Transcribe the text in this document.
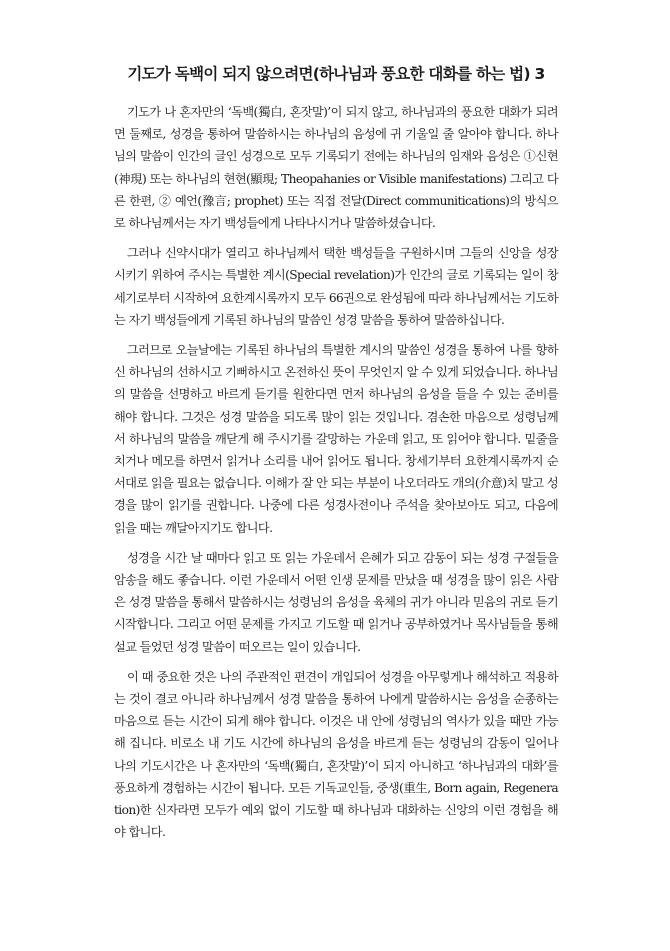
기도가 독백이 되지 않으려면(하나님과 풍요한 대화를 하는 법) 3

기도가 나 혼자만의 ‘독백(獨白, 혼잣말)’이 되지 않고, 하나님과의 풍요한 대화가 되려면 둘째로, 성경을 통하여 말씀하시는 하나님의 음성에 귀 기울일 줄 알아야 합니다. 하나님의 말씀이 인간의 글인 성경으로 모두 기록되기 전에는 하나님의 임재와 음성은 ①신현(神現) 또는 하나님의 현현(顯現; Theopahanies or Visible manifestations) 그리고 다른 한편, ② 예언(豫言; prophet) 또는 직접 전달(Direct communitications)의 방식으로 하나님께서는 자기 백성들에게 나타나시거나 말씀하셨습니다.

그러나 신약시대가 열리고 하나님께서 택한 백성들을 구원하시며 그들의 신앙을 성장시키기 위하여 주시는 특별한 계시(Special revelation)가 인간의 글로 기록되는 일이 창세기로부터 시작하여 요한계시록까지 모두 66권으로 완성됨에 따라 하나님께서는 기도하는 자기 백성들에게 기록된 하나님의 말씀인 성경 말씀을 통하여 말씀하십니다.

그러므로 오늘날에는 기록된 하나님의 특별한 계시의 말씀인 성경을 통하여 나를 향하신 하나님의 선하시고 기뻐하시고 온전하신 뜻이 무엇인지 알 수 있게 되었습니다. 하나님의 말씀을 선명하고 바르게 듣기를 원한다면 먼저 하나님의 음성을 들을 수 있는 준비를 해야 합니다. 그것은 성경 말씀을 되도록 많이 읽는 것입니다. 겸손한 마음으로 성령님께서 하나님의 말씀을 깨닫게 해 주시기를 갈망하는 가운데 읽고, 또 읽어야 합니다. 밑줄을 치거나 메모를 하면서 읽거나 소리를 내어 읽어도 됩니다. 창세기부터 요한계시록까지 순서대로 읽을 필요는 없습니다. 이해가 잘 안 되는 부분이 나오더라도 개의(介意)치 말고 성경을 많이 읽기를 권합니다. 나중에 다른 성경사전이나 주석을 찾아보아도 되고, 다음에 읽을 때는 깨달아지기도 합니다.

성경을 시간 날 때마다 읽고 또 읽는 가운데서 은혜가 되고 감동이 되는 성경 구절들을 암송을 해도 좋습니다. 이런 가운데서 어떤 인생 문제를 만났을 때 성경을 많이 읽은 사람은 성경 말씀을 통해서 말씀하시는 성령님의 음성을 육체의 귀가 아니라 믿음의 귀로 듣기 시작합니다. 그리고 어떤 문제를 가지고 기도할 때 읽거나 공부하였거나 목사님들을 통해 설교 들었던 성경 말씀이 떠오르는 일이 있습니다.

이 때 중요한 것은 나의 주관적인 편견이 개입되어 성경을 아무렇게나 해석하고 적용하는 것이 결코 아니라 하나님께서 성경 말씀을 통하여 나에게 말씀하시는 음성을 순종하는 마음으로 듣는 시간이 되게 해야 합니다. 이것은 내 안에 성령님의 역사가 있을 때만 가능해 집니다. 비로소 내 기도 시간에 하나님의 음성을 바르게 듣는 성령님의 감동이 일어나 나의 기도시간은 나 혼자만의 ‘독백(獨白, 혼잣말)’이 되지 아니하고 ‘하나님과의 대화’를 풍요하게 경험하는 시간이 됩니다. 모든 기독교인들, 중생(重生, Born again, Regeneration)한 신자라면 모두가 예외 없이 기도할 때 하나님과 대화하는 신앙의 이런 경험을 해야 합니다.
